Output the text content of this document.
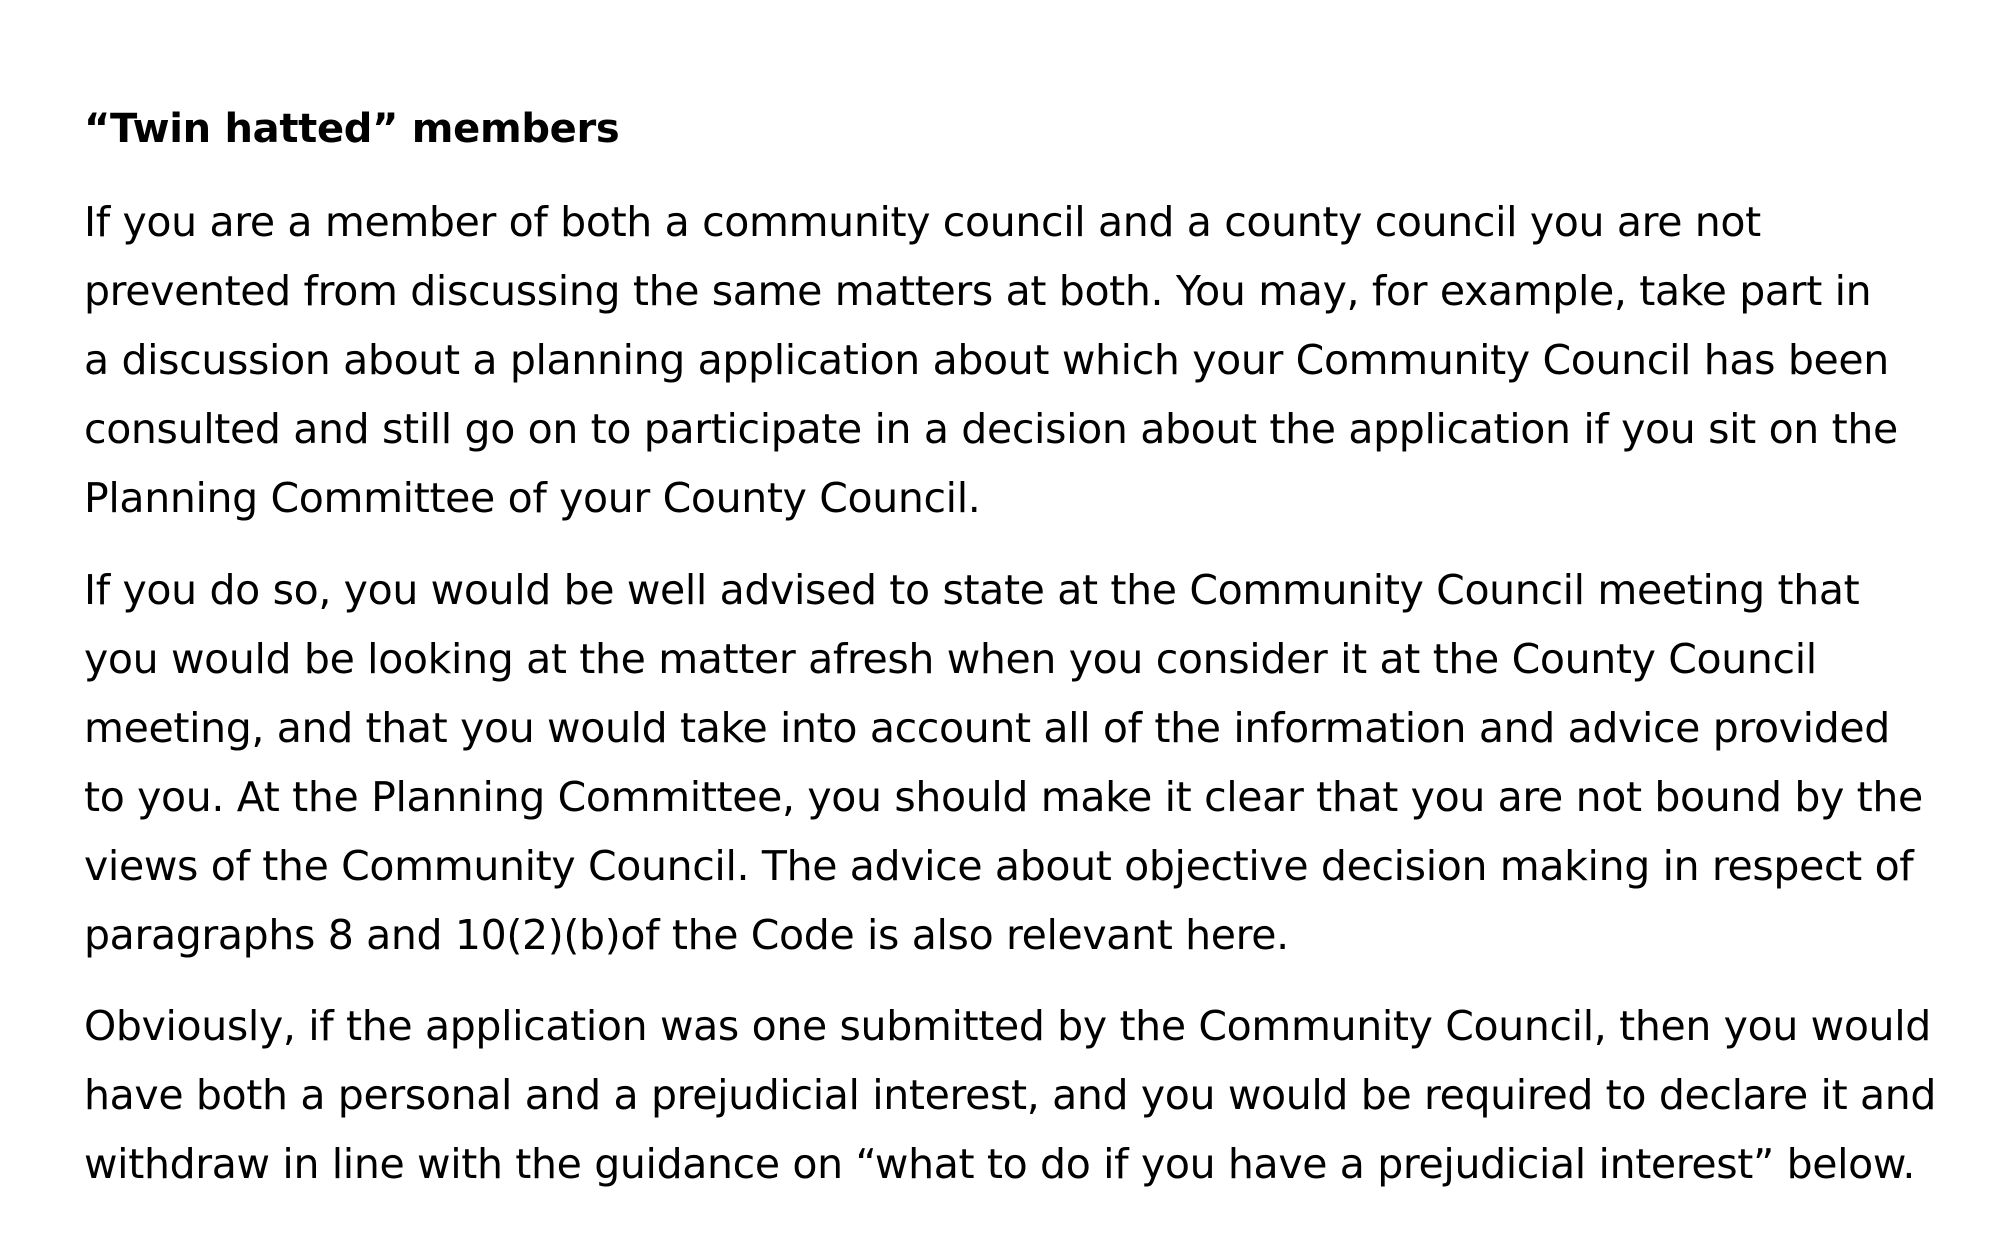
“Twin hatted” members

If you are a member of both a community council and a county council you are not
prevented from discussing the same matters at both. You may, for example, take part in
a discussion about a planning application about which your Community Council has been
consulted and still go on to participate in a decision about the application if you sit on the
Planning Committee of your County Council.

If you do so, you would be well advised to state at the Community Council meeting that
you would be looking at the matter afresh when you consider it at the County Council
meeting, and that you would take into account all of the information and advice provided
to you. At the Planning Committee, you should make it clear that you are not bound by the
views of the Community Council. The advice about objective decision making in respect of
paragraphs 8 and 10(2)(b)of the Code is also relevant here.

Obviously, if the application was one submitted by the Community Council, then you would
have both a personal and a prejudicial interest, and you would be required to declare it and
withdraw in line with the guidance on “what to do if you have a prejudicial interest” below.
